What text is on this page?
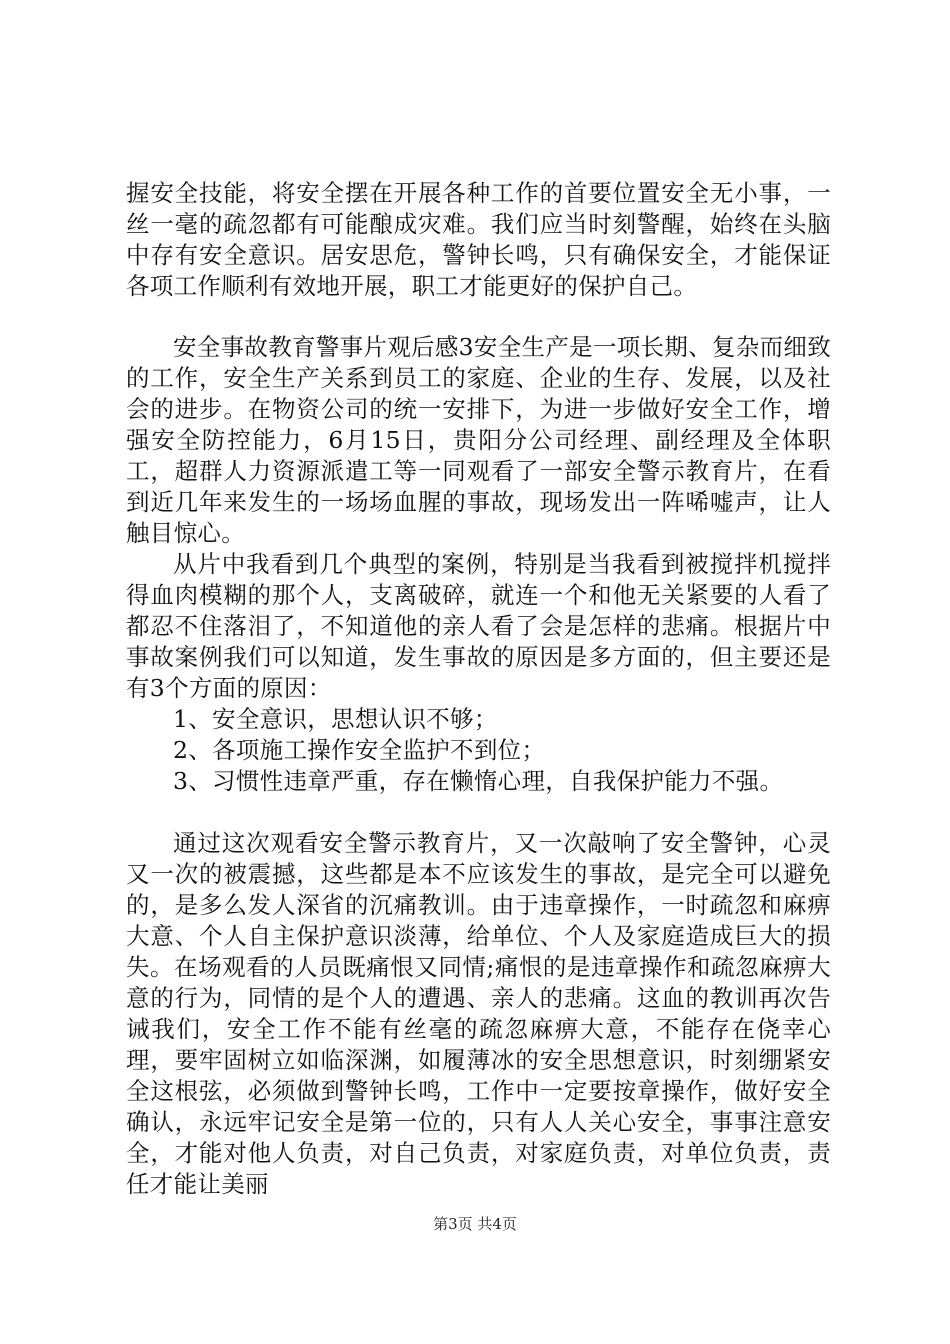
握安全技能，将安全摆在开展各种工作的首要位置安全无小事，一丝一毫的疏忽都有可能酿成灾难。我们应当时刻警醒，始终在头脑中存有安全意识。居安思危，警钟长鸣，只有确保安全，才能保证各项工作顺利有效地开展，职工才能更好的保护自己。

安全事故教育警事片观后感3安全生产是一项长期、复杂而细致的工作，安全生产关系到员工的家庭、企业的生存、发展，以及社会的进步。在物资公司的统一安排下，为进一步做好安全工作，增强安全防控能力，6月15日，贵阳分公司经理、副经理及全体职工，超群人力资源派遣工等一同观看了一部安全警示教育片，在看到近几年来发生的一场场血腥的事故，现场发出一阵唏嘘声，让人触目惊心。

从片中我看到几个典型的案例，特别是当我看到被搅拌机搅拌得血肉模糊的那个人，支离破碎，就连一个和他无关紧要的人看了都忍不住落泪了，不知道他的亲人看了会是怎样的悲痛。根据片中事故案例我们可以知道，发生事故的原因是多方面的，但主要还是有3个方面的原因：

1、安全意识，思想认识不够；

2、各项施工操作安全监护不到位；

3、习惯性违章严重，存在懒惰心理，自我保护能力不强。

通过这次观看安全警示教育片，又一次敲响了安全警钟，心灵又一次的被震撼，这些都是本不应该发生的事故，是完全可以避免的，是多么发人深省的沉痛教训。由于违章操作，一时疏忽和麻痹大意、个人自主保护意识淡薄，给单位、个人及家庭造成巨大的损失。在场观看的人员既痛恨又同情;痛恨的是违章操作和疏忽麻痹大意的行为，同情的是个人的遭遇、亲人的悲痛。这血的教训再次告诫我们，安全工作不能有丝毫的疏忽麻痹大意，不能存在侥幸心理，要牢固树立如临深渊，如履薄冰的安全思想意识，时刻绷紧安全这根弦，必须做到警钟长鸣，工作中一定要按章操作，做好安全确认，永远牢记安全是第一位的，只有人人关心安全，事事注意安全，才能对他人负责，对自己负责，对家庭负责，对单位负责，责任才能让美丽

第3页 共4页
